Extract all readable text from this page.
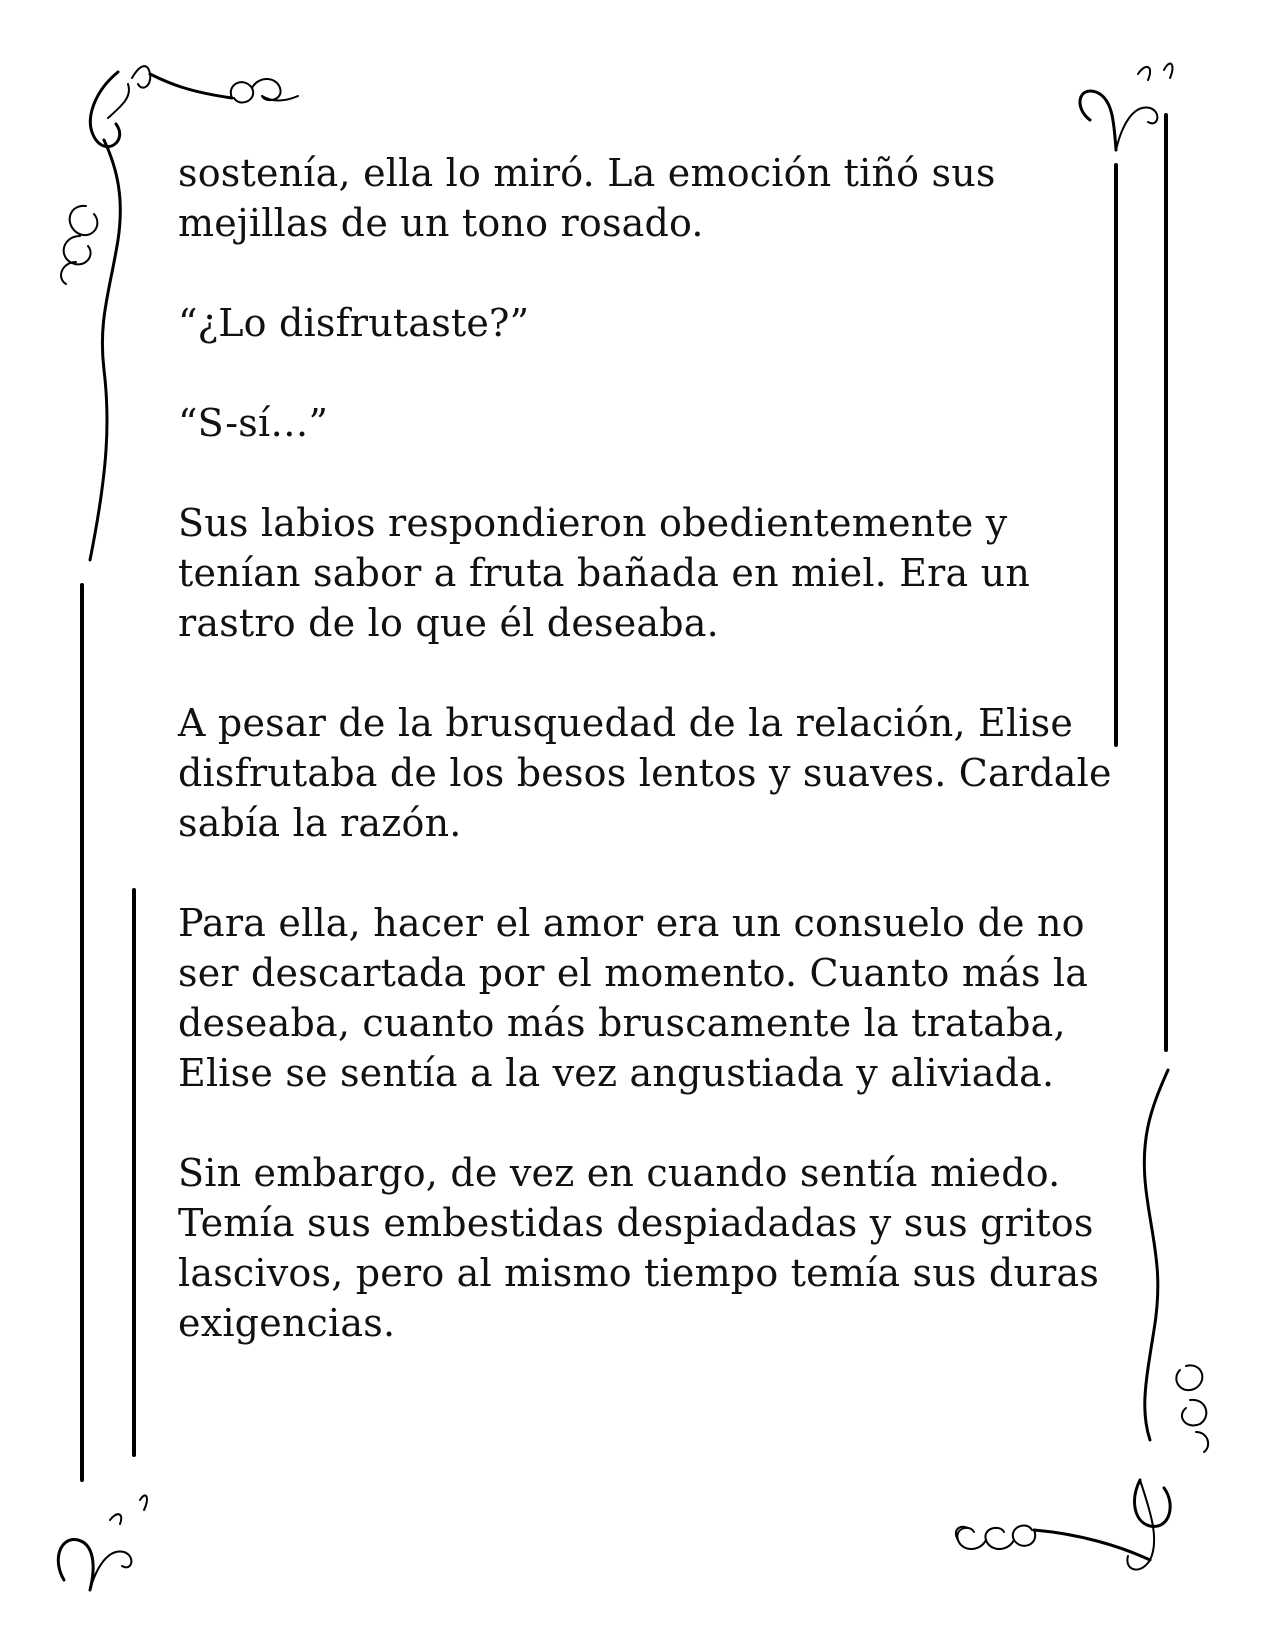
sostenía, ella lo miró. La emoción tiñó sus
mejillas de un tono rosado.

“¿Lo disfrutaste?”

“S-sí…”

Sus labios respondieron obedientemente y
tenían sabor a fruta bañada en miel. Era un
rastro de lo que él deseaba.

A pesar de la brusquedad de la relación, Elise
disfrutaba de los besos lentos y suaves. Cardale
sabía la razón.

Para ella, hacer el amor era un consuelo de no
ser descartada por el momento. Cuanto más la
deseaba, cuanto más bruscamente la trataba,
Elise se sentía a la vez angustiada y aliviada.

Sin embargo, de vez en cuando sentía miedo.
Temía sus embestidas despiadadas y sus gritos
lascivos, pero al mismo tiempo temía sus duras
exigencias.
